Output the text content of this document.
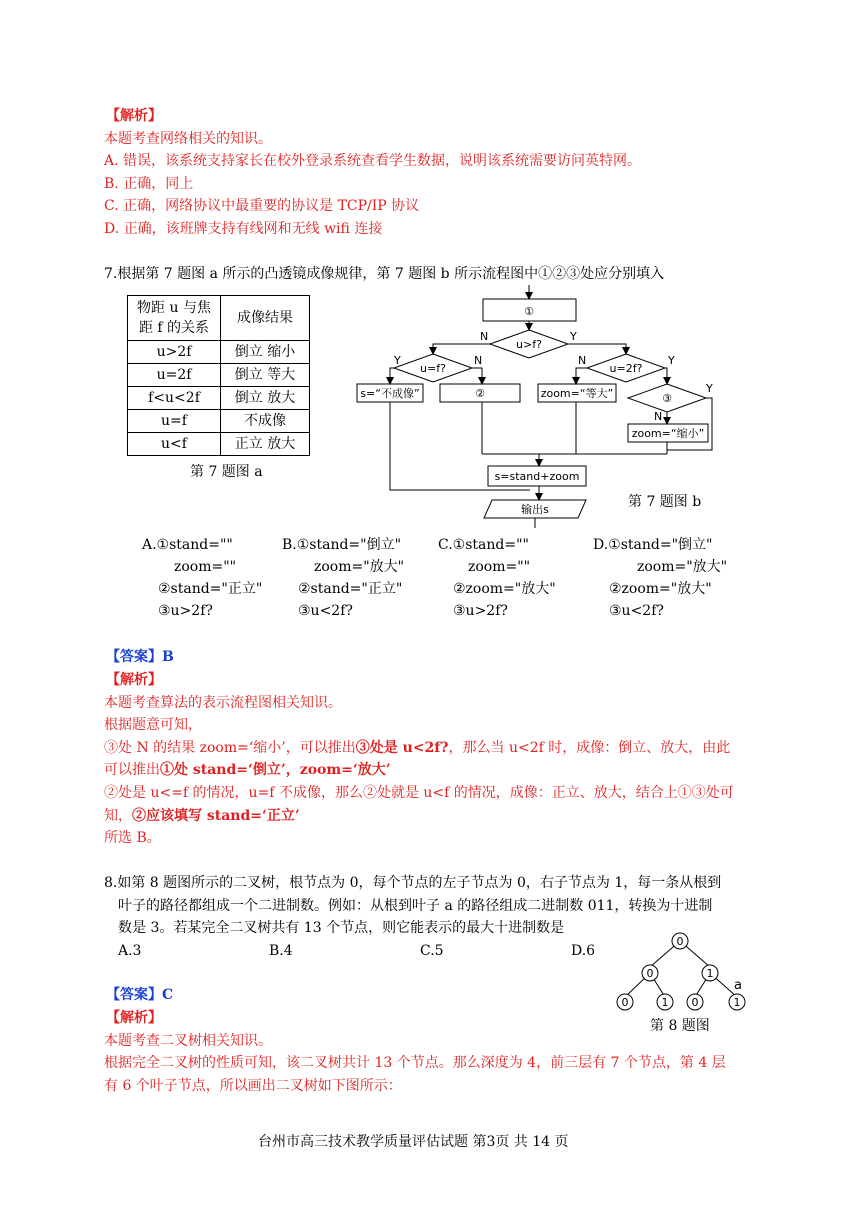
【解析】
本题考查网络相关的知识。
A. 错误，该系统支持家长在校外登录系统查看学生数据，说明该系统需要访问英特网。
B. 正确，同上
C. 正确，网络协议中最重要的协议是 TCP/IP 协议
D. 正确，该班牌支持有线网和无线 wifi 连接
7.根据第 7 题图 a 所示的凸透镜成像规律，第 7 题图 b 所示流程图中①②③处应分别填入
物距 u 与焦
距 f 的关系	成像结果
u>2f	倒立 缩小
u=2f	倒立 等大
f<u<2f	倒立 放大
u=f	不成像
u<f	正立 放大
第 7 题图 a
①
u>f?
u=f?	u=2f?
③
s=“不成像”	②	zoom=“等大”
zoom=“缩小”
s=stand+zoom
输出s
N	Y
Y	N	N	Y
Y
N
第 7 题图 b
A.①stand=""
zoom=""
②stand="正立"
③u>2f?
B.①stand="倒立"
zoom="放大"
②stand="正立"
③u<2f?
C.①stand=""
zoom=""
②zoom="放大"
③u>2f?
D.①stand="倒立"
zoom="放大"
②zoom="放大"
③u<2f?
【答案】B
【解析】
本题考查算法的表示流程图相关知识。
根据题意可知，
③处 N 的结果 zoom=‘缩小’，可以推出③处是 u<2f?，那么当 u<2f 时，成像：倒立、放大，由此
可以推出①处 stand=‘倒立’，zoom=‘放大’
②处是 u<=f 的情况，u=f 不成像，那么②处就是 u<f 的情况，成像：正立、放大，结合上①③处可
知，②应该填写 stand=‘正立’
所选 B。
8.如第 8 题图所示的二叉树，根节点为 0，每个节点的左子节点为 0，右子节点为 1，每一条从根到
叶子的路径都组成一个二进制数。例如：从根到叶子 a 的路径组成二进制数 011，转换为十进制
数是 3。若某完全二叉树共有 13 个节点，则它能表示的最大十进制数是
A.3	B.4	C.5	D.6
0
0	1
0	1 0	1
a
第 8 题图
【答案】C
【解析】
本题考查二叉树相关知识。
根据完全二叉树的性质可知，该二叉树共计 13 个节点。那么深度为 4，前三层有 7 个节点，第 4 层
有 6 个叶子节点，所以画出二叉树如下图所示：
台州市高三技术教学质量评估试题 第3页 共 14 页
